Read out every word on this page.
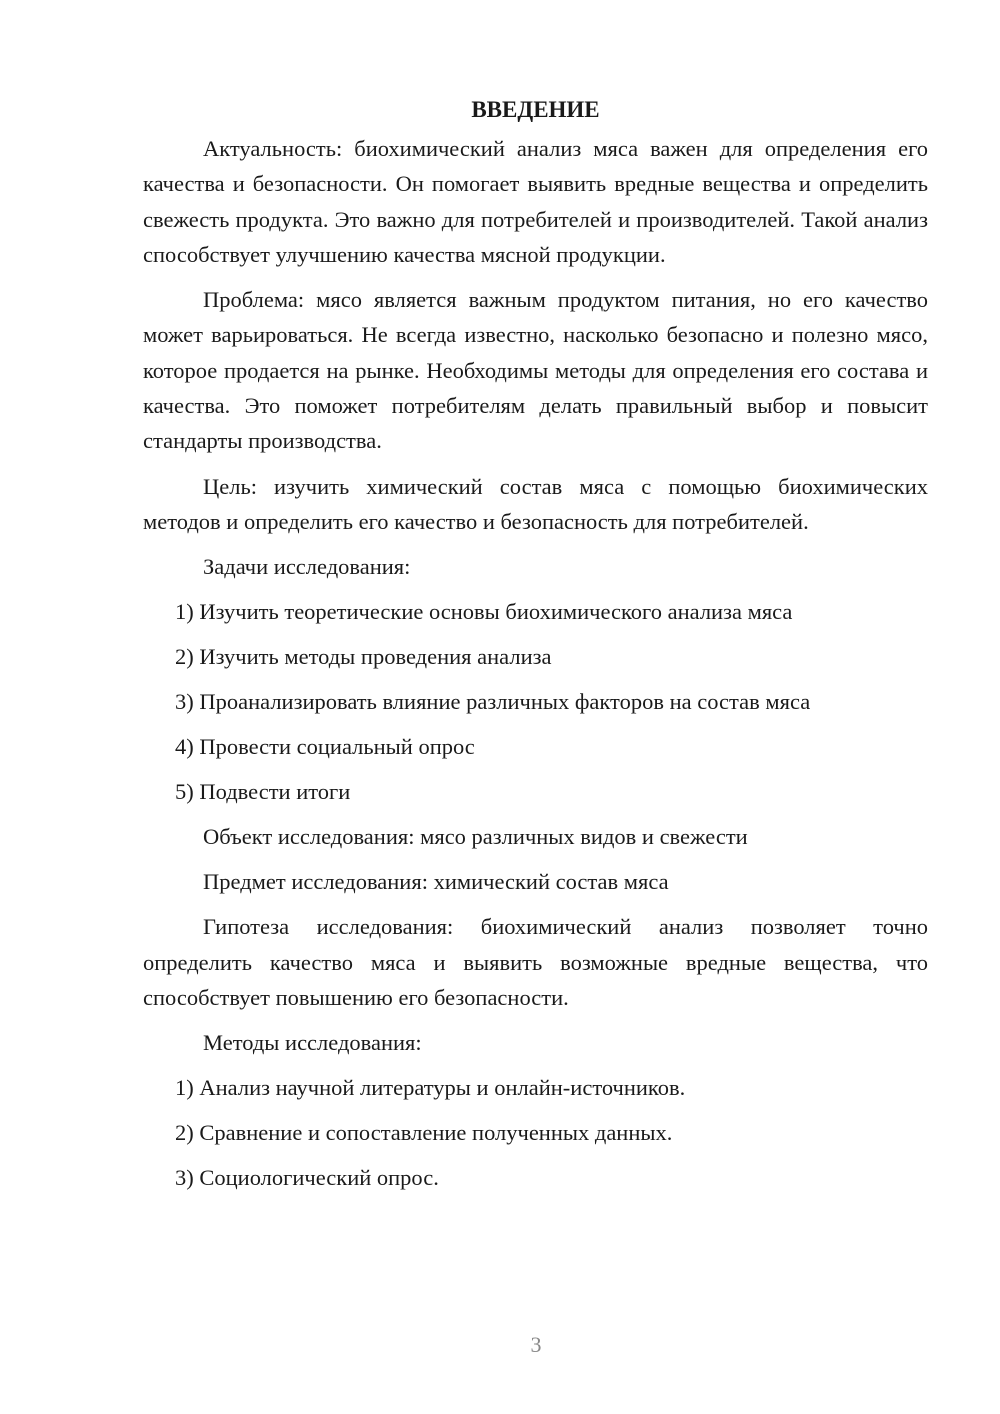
ВВЕДЕНИЕ

Актуальность: биохимический анализ мяса важен для определения его качества и безопасности. Он помогает выявить вредные вещества и определить свежесть продукта. Это важно для потребителей и производителей. Такой анализ способствует улучшению качества мясной продукции.

Проблема: мясо является важным продуктом питания, но его качество может варьироваться. Не всегда известно, насколько безопасно и полезно мясо, которое продается на рынке. Необходимы методы для определения его состава и качества. Это поможет потребителям делать правильный выбор и повысит стандарты производства.

Цель: изучить химический состав мяса с помощью биохимических методов и определить его качество и безопасность для потребителей.

Задачи исследования:
1) Изучить теоретические основы биохимического анализа мяса
2) Изучить методы проведения анализа
3) Проанализировать влияние различных факторов на состав мяса
4) Провести социальный опрос
5) Подвести итоги
Объект исследования: мясо различных видов и свежести
Предмет исследования: химический состав мяса

Гипотеза исследования: биохимический анализ позволяет точно определить качество мяса и выявить возможные вредные вещества, что способствует повышению его безопасности.

Методы исследования:
1) Анализ научной литературы и онлайн-источников.
2) Сравнение и сопоставление полученных данных.
3) Социологический опрос.
3
